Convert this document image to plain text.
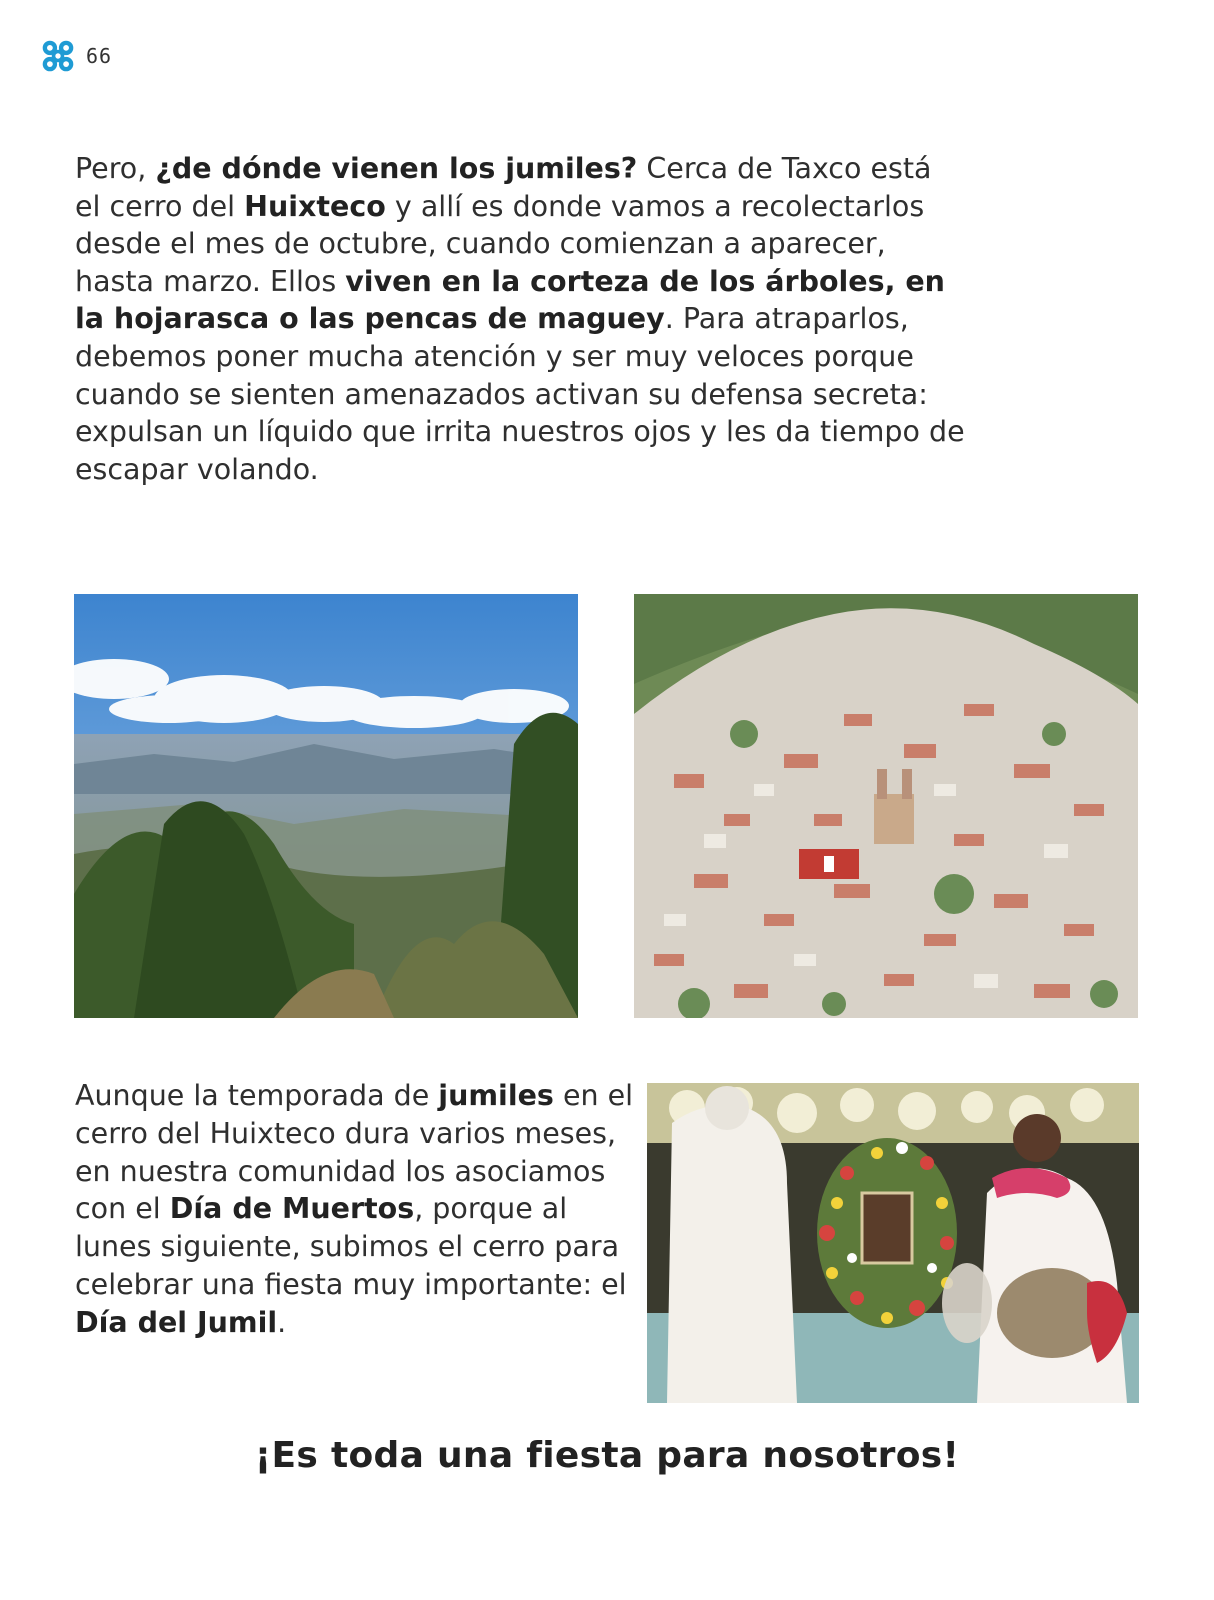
66

Pero, ¿de dónde vienen los jumiles? Cerca de Taxco está el cerro del Huixteco y allí es donde vamos a recolectarlos desde el mes de octubre, cuando comienzan a aparecer, hasta marzo. Ellos viven en la corteza de los árboles, en la hojarasca o las pencas de maguey. Para atraparlos, debemos poner mucha atención y ser muy veloces porque cuando se sienten amenazados activan su defensa secreta: expulsan un líquido que irrita nuestros ojos y les da tiempo de escapar volando.

Aunque la temporada de jumiles en el cerro del Huixteco dura varios meses, en nuestra comunidad los asociamos con el Día de Muertos, porque al lunes siguiente, subimos el cerro para celebrar una fiesta muy importante: el Día del Jumil.

¡Es toda una fiesta para nosotros!
